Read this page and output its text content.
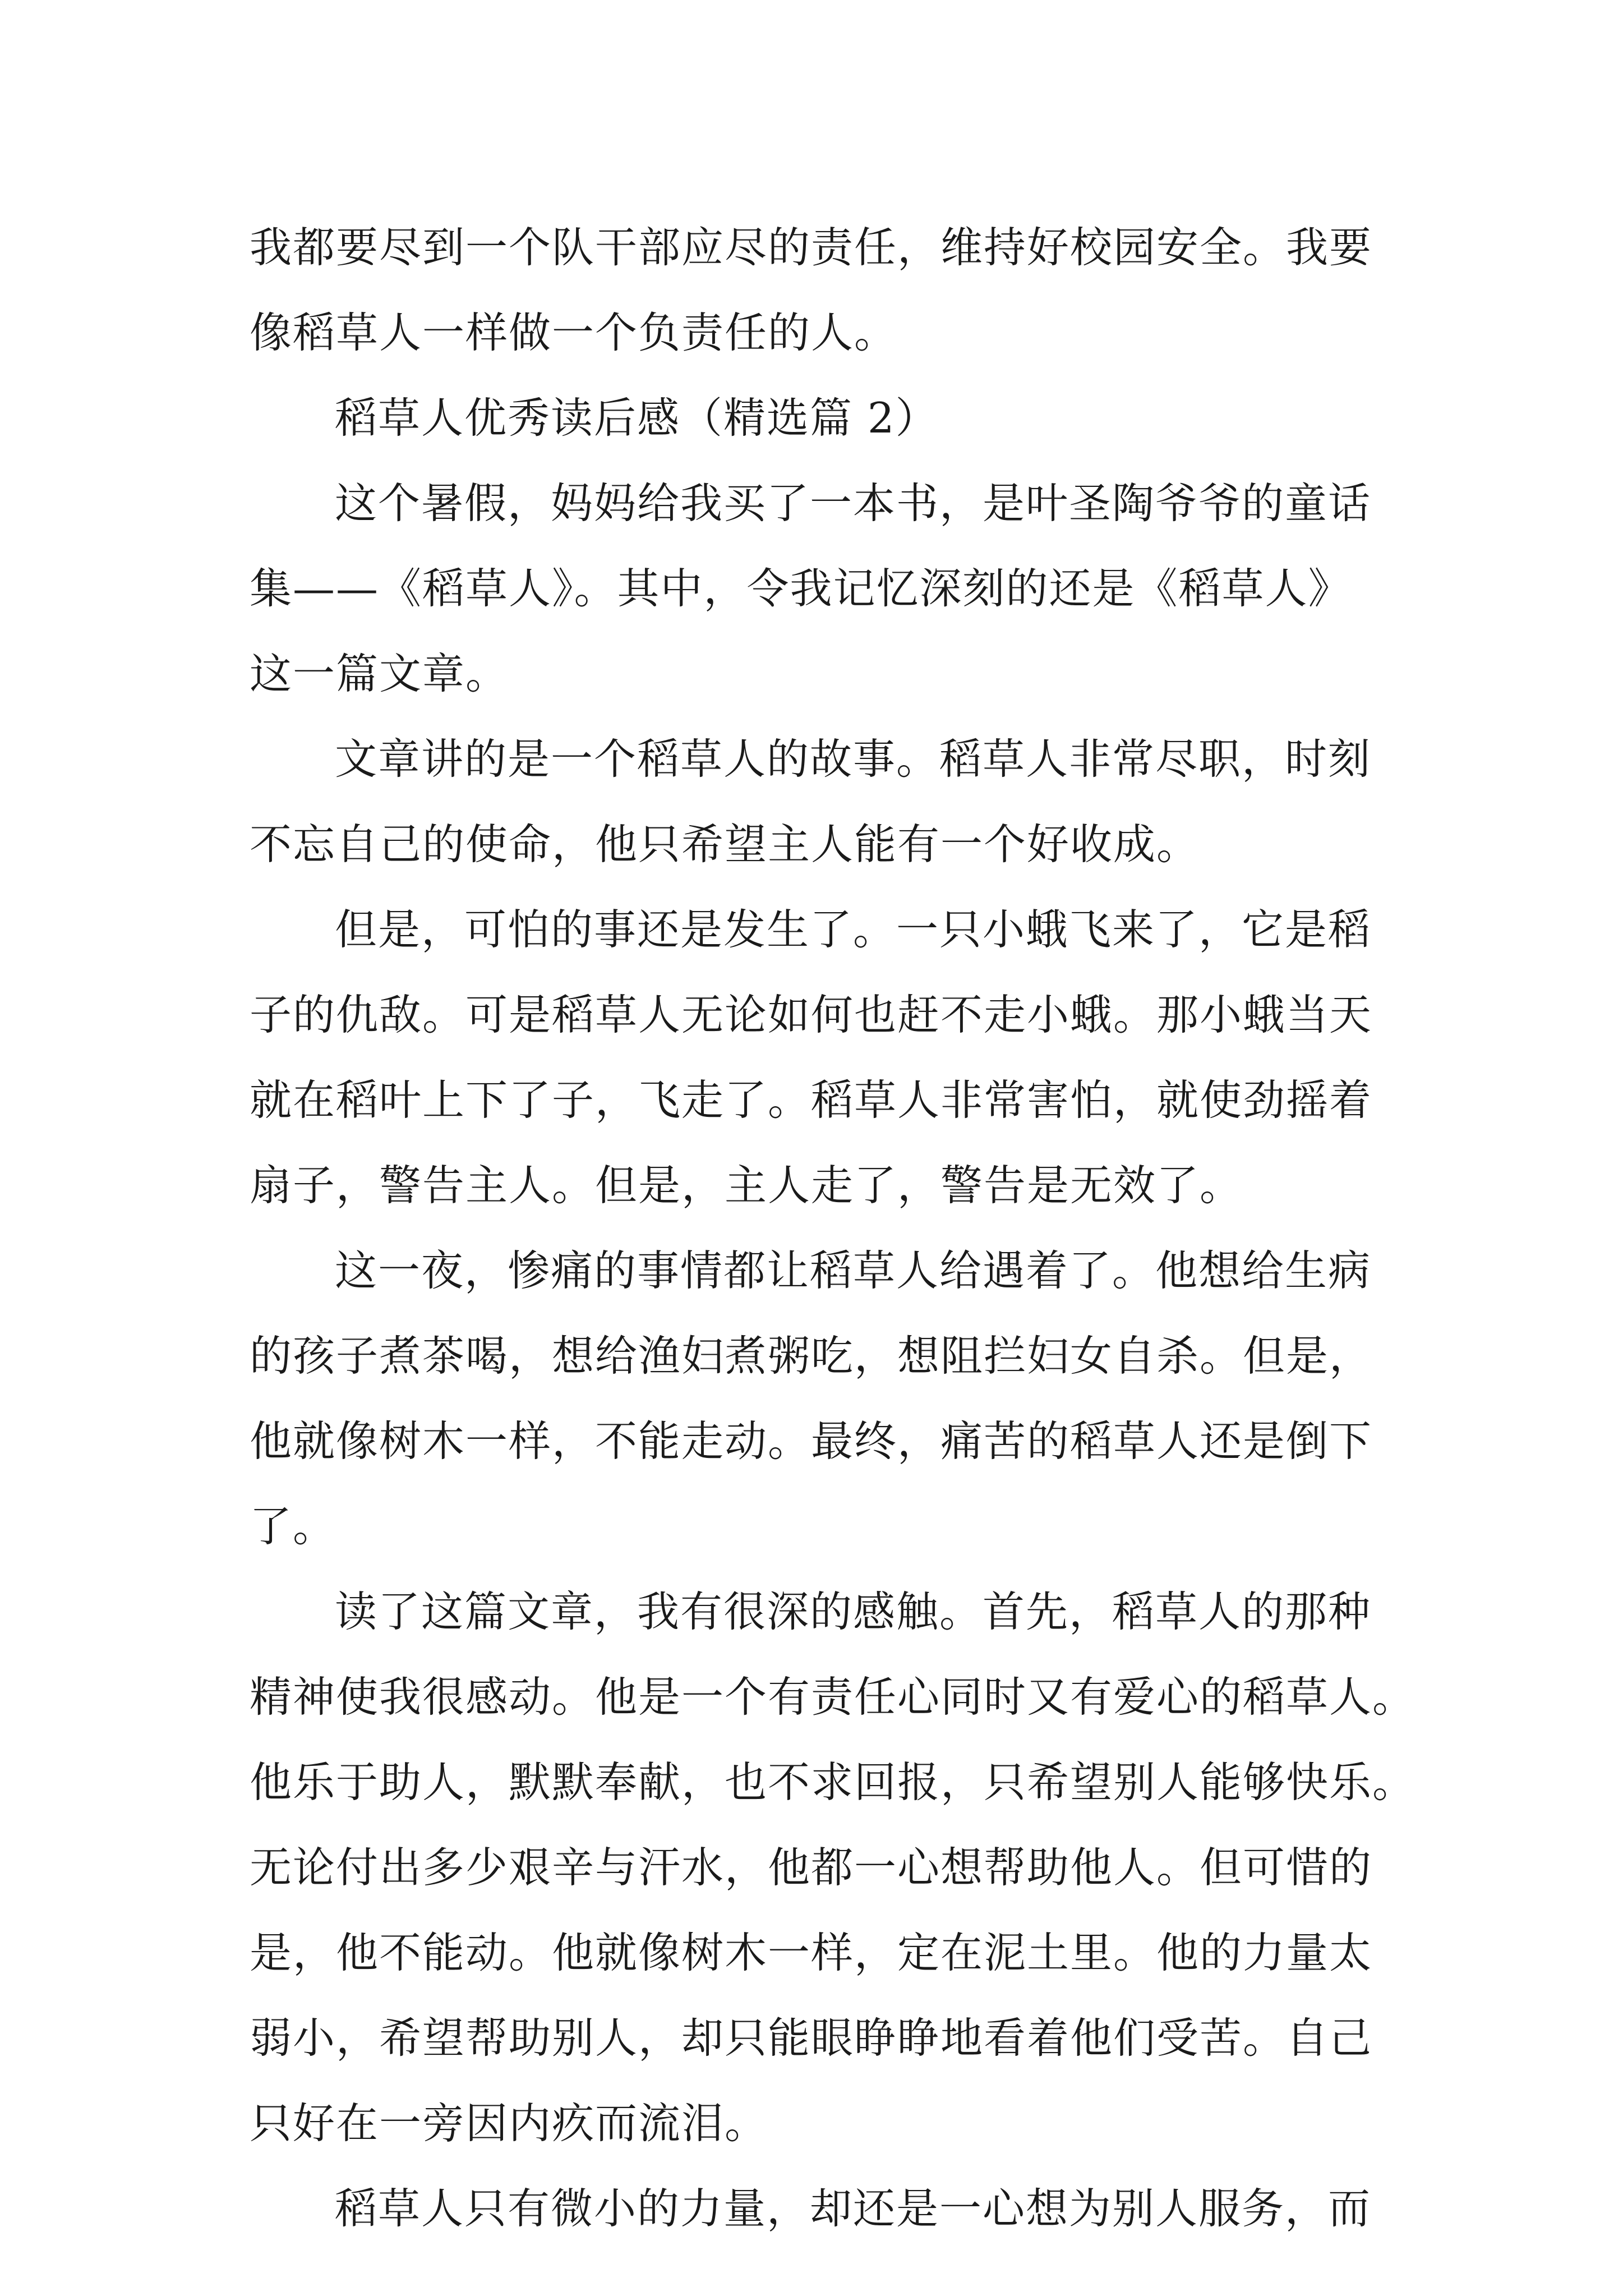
我都要尽到一个队干部应尽的责任，维持好校园安全。我要
像稻草人一样做一个负责任的人。
稻草人优秀读后感（精选篇 2）
这个暑假，妈妈给我买了一本书，是叶圣陶爷爷的童话
集——《稻草人》。其中，令我记忆深刻的还是《稻草人》
这一篇文章。
文章讲的是一个稻草人的故事。稻草人非常尽职，时刻
不忘自己的使命，他只希望主人能有一个好收成。
但是，可怕的事还是发生了。一只小蛾飞来了，它是稻
子的仇敌。可是稻草人无论如何也赶不走小蛾。那小蛾当天
就在稻叶上下了子，飞走了。稻草人非常害怕，就使劲摇着
扇子，警告主人。但是，主人走了，警告是无效了。
这一夜，惨痛的事情都让稻草人给遇着了。他想给生病
的孩子煮茶喝，想给渔妇煮粥吃，想阻拦妇女自杀。但是，
他就像树木一样，不能走动。最终，痛苦的稻草人还是倒下
了。
读了这篇文章，我有很深的感触。首先，稻草人的那种
精神使我很感动。他是一个有责任心同时又有爱心的稻草人。
他乐于助人，默默奉献，也不求回报，只希望别人能够快乐。
无论付出多少艰辛与汗水，他都一心想帮助他人。但可惜的
是，他不能动。他就像树木一样，定在泥土里。他的力量太
弱小，希望帮助别人，却只能眼睁睁地看着他们受苦。自己
只好在一旁因内疚而流泪。
稻草人只有微小的力量，却还是一心想为别人服务，而
